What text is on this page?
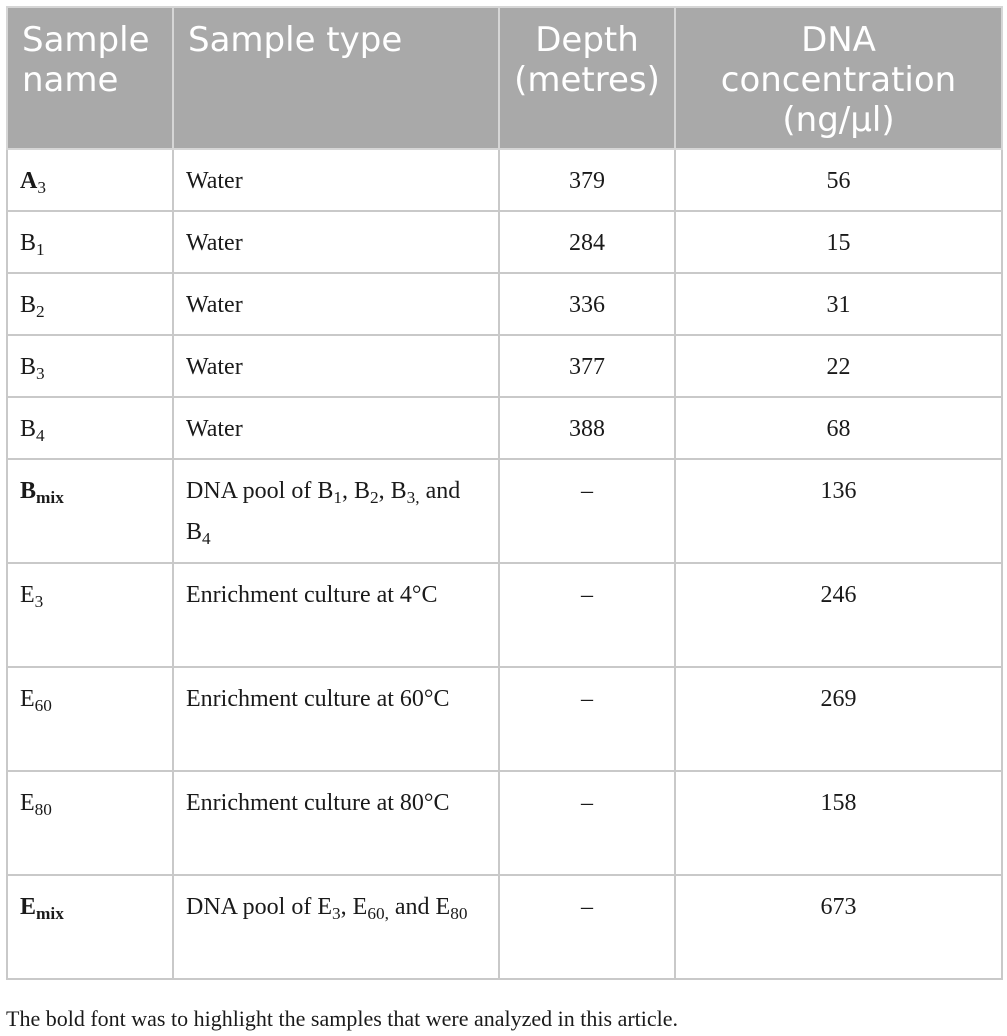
Sample name	Sample type	Depth (metres)	DNA concentration
(ng/µl)
$A_3$	Water	379	56
$B_1$	Water	284	15
$B_2$	Water	336	31
$B_3$	Water	377	22
$B_4$	Water	388	68
$B_{mix}$	DNA pool of $B_1$, $B_2$, $B_{3,}$ and $B_4$	–	136
$E_3$	Enrichment culture at 4°C	–	246
$E_{60}$	Enrichment culture at 60°C	–	269
$E_{80}$	Enrichment culture at 80°C	–	158
$E_{mix}$	DNA pool of $E_3$, $E_{60,}$ and $E_{80}$	–	673
The bold font was to highlight the samples that were analyzed in this article.
